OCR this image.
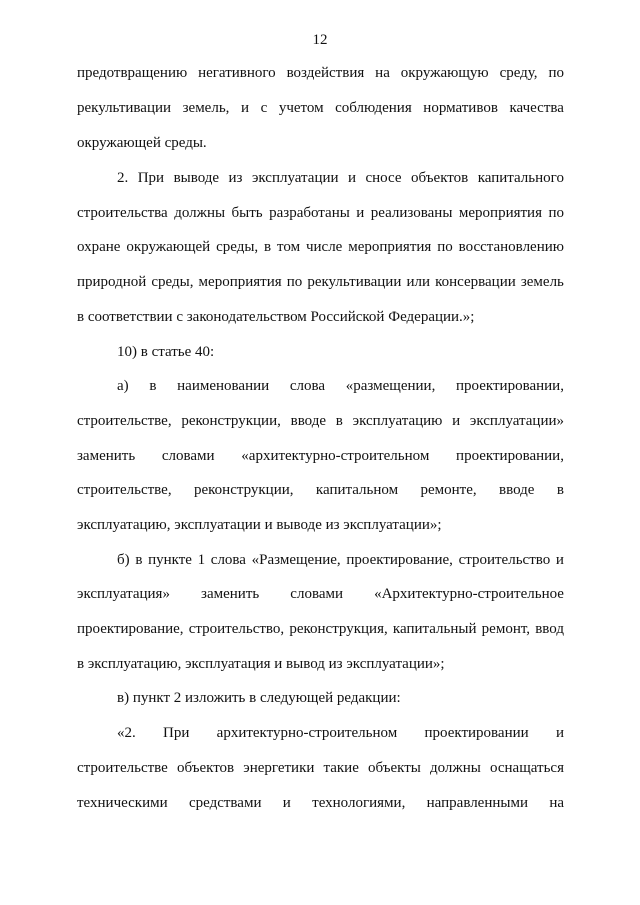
12
предотвращению негативного воздействия на окружающую среду, по
рекультивации земель, и с учетом соблюдения нормативов качества
окружающей среды.
2. При выводе из эксплуатации и сносе объектов капитального
строительства должны быть разработаны и реализованы мероприятия по
охране окружающей среды, в том числе мероприятия по восстановлению
природной среды, мероприятия по рекультивации или консервации земель
в соответствии с законодательством Российской Федерации.»;
10) в статье 40:
а) в наименовании слова «размещении, проектировании,
строительстве, реконструкции, вводе в эксплуатацию и эксплуатации»
заменить словами «архитектурно-строительном проектировании,
строительстве, реконструкции, капитальном ремонте, вводе в
эксплуатацию, эксплуатации и выводе из эксплуатации»;
б) в пункте 1 слова «Размещение, проектирование, строительство и
эксплуатация» заменить словами «Архитектурно-строительное
проектирование, строительство, реконструкция, капитальный ремонт, ввод
в эксплуатацию, эксплуатация и вывод из эксплуатации»;
в) пункт 2 изложить в следующей редакции:
«2. При архитектурно-строительном проектировании и
строительстве объектов энергетики такие объекты должны оснащаться
техническими средствами и технологиями, направленными на
